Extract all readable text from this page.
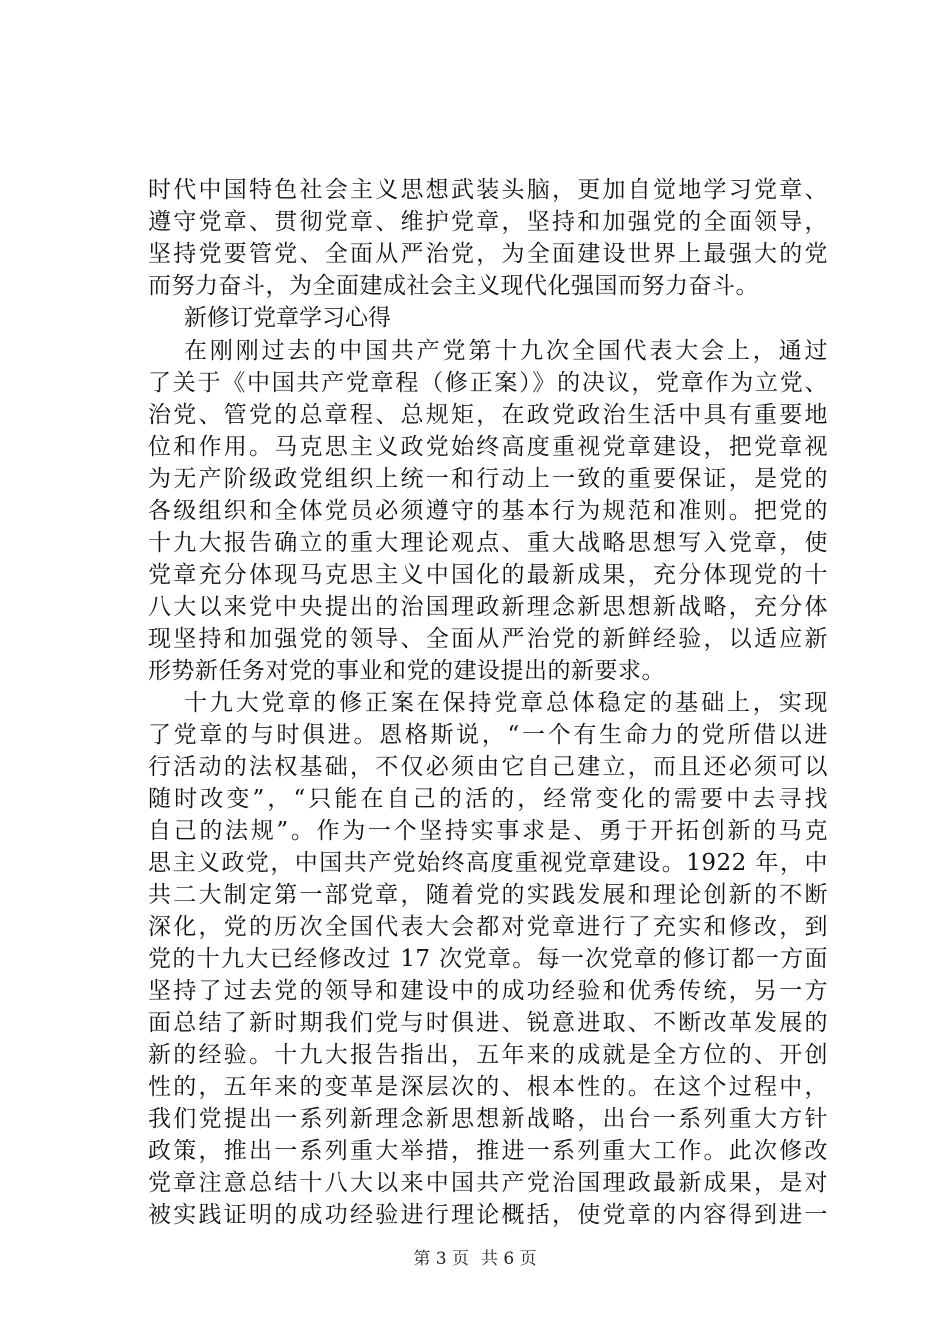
时代中国特色社会主义思想武装头脑，更加自觉地学习党章、
遵守党章、贯彻党章、维护党章，坚持和加强党的全面领导，
坚持党要管党、全面从严治党，为全面建设世界上最强大的党
而努力奋斗，为全面建成社会主义现代化强国而努力奋斗。
新修订党章学习心得
在刚刚过去的中国共产党第十九次全国代表大会上，通过
了关于《中国共产党章程（修正案）》的决议，党章作为立党、
治党、管党的总章程、总规矩，在政党政治生活中具有重要地
位和作用。马克思主义政党始终高度重视党章建设，把党章视
为无产阶级政党组织上统一和行动上一致的重要保证，是党的
各级组织和全体党员必须遵守的基本行为规范和准则。把党的
十九大报告确立的重大理论观点、重大战略思想写入党章，使
党章充分体现马克思主义中国化的最新成果，充分体现党的十
八大以来党中央提出的治国理政新理念新思想新战略，充分体
现坚持和加强党的领导、全面从严治党的新鲜经验，以适应新
形势新任务对党的事业和党的建设提出的新要求。
十九大党章的修正案在保持党章总体稳定的基础上，实现
了党章的与时俱进。恩格斯说，“一个有生命力的党所借以进
行活动的法权基础，不仅必须由它自己建立，而且还必须可以
随时改变”，“只能在自己的活的，经常变化的需要中去寻找
自己的法规”。作为一个坚持实事求是、勇于开拓创新的马克
思主义政党，中国共产党始终高度重视党章建设。1922 年，中
共二大制定第一部党章，随着党的实践发展和理论创新的不断
深化，党的历次全国代表大会都对党章进行了充实和修改，到
党的十九大已经修改过 17 次党章。每一次党章的修订都一方面
坚持了过去党的领导和建设中的成功经验和优秀传统，另一方
面总结了新时期我们党与时俱进、锐意进取、不断改革发展的
新的经验。十九大报告指出，五年来的成就是全方位的、开创
性的，五年来的变革是深层次的、根本性的。在这个过程中，
我们党提出一系列新理念新思想新战略，出台一系列重大方针
政策，推出一系列重大举措，推进一系列重大工作。此次修改
党章注意总结十八大以来中国共产党治国理政最新成果，是对
被实践证明的成功经验进行理论概括，使党章的内容得到进一
第 3 页 共 6 页
